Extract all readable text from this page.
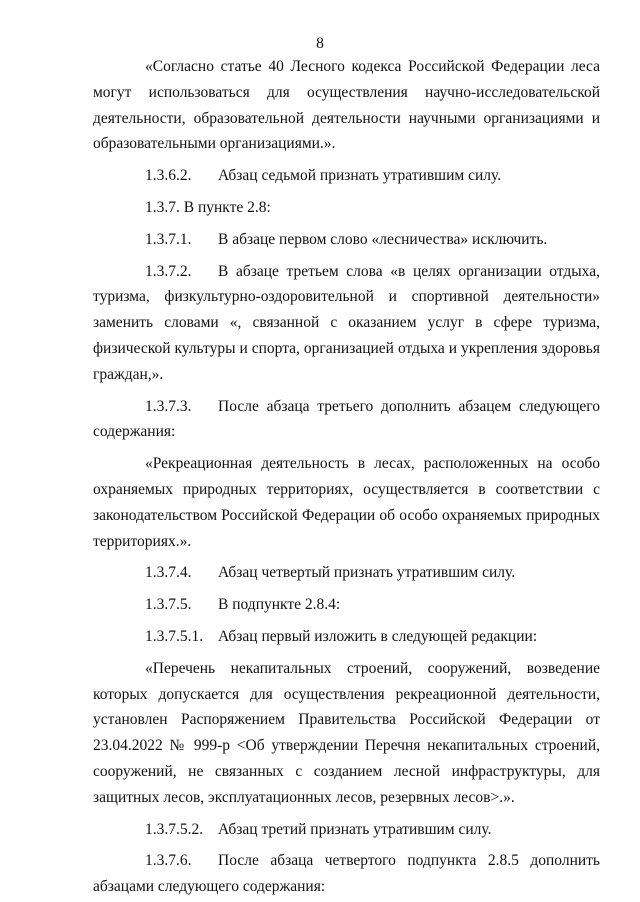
8

«Согласно статье 40 Лесного кодекса Российской Федерации леса могут использоваться для осуществления научно-исследовательской деятельности, образовательной деятельности научными организациями и образовательными организациями.».

1.3.6.2.	Абзац седьмой признать утратившим силу.

1.3.7. В пункте 2.8:

1.3.7.1.	В абзаце первом слово «лесничества» исключить.
1.3.7.2. В абзаце третьем слова «в целях организации отдыха, туризма, физкультурно-оздоровительной и спортивной деятельности» заменить словами «, связанной с оказанием услуг в сфере туризма, физической культуры и спорта, организацией отдыха и укрепления здоровья граждан,».
1.3.7.3. После абзаца третьего дополнить абзацем следующего содержания:

«Рекреационная деятельность в лесах, расположенных на особо охраняемых природных территориях, осуществляется в соответствии с законодательством Российской Федерации об особо охраняемых природных территориях.».

1.3.7.4.	Абзац четвертый признать утратившим силу.
1.3.7.5.	В подпункте 2.8.4:
1.3.7.5.1. Абзац первый изложить в следующей редакции:

«Перечень некапитальных строений, сооружений, возведение которых допускается для осуществления рекреационной деятельности, установлен Распоряжением Правительства Российской Федерации от 23.04.2022 № 999-р <Об утверждении Перечня некапитальных строений, сооружений, не связанных с созданием лесной инфраструктуры, для защитных лесов, эксплуатационных лесов, резервных лесов>.».

1.3.7.5.2. Абзац третий признать утратившим силу.
1.3.7.6. После абзаца четвертого подпункта 2.8.5 дополнить абзацами следующего содержания:
